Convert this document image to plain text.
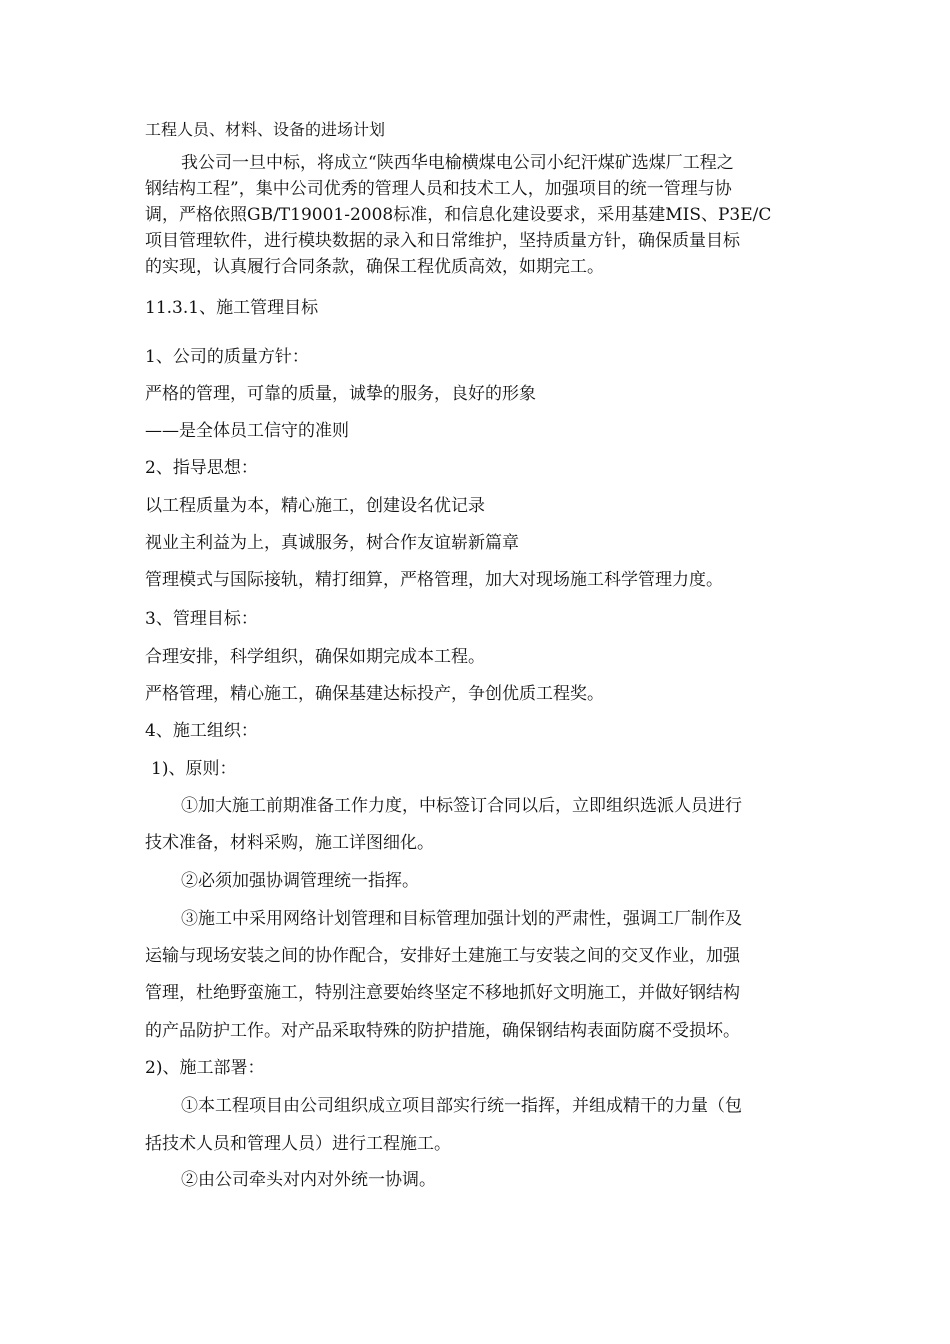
工程人员、材料、设备的进场计划
我公司一旦中标，将成立“陕西华电榆横煤电公司小纪汗煤矿选煤厂工程之
钢结构工程”，集中公司优秀的管理人员和技术工人，加强项目的统一管理与协
调，严格依照GB/T19001-2008标准，和信息化建设要求，采用基建MIS、P3E/C
项目管理软件，进行模块数据的录入和日常维护，坚持质量方针，确保质量目标
的实现，认真履行合同条款，确保工程优质高效，如期完工。
11.3.1、施工管理目标
1、公司的质量方针：
严格的管理，可靠的质量，诚挚的服务，良好的形象
——是全体员工信守的准则
2、指导思想：
以工程质量为本，精心施工，创建设名优记录
视业主利益为上，真诚服务，树合作友谊崭新篇章
管理模式与国际接轨，精打细算，严格管理，加大对现场施工科学管理力度。
3、管理目标：
合理安排，科学组织，确保如期完成本工程。
严格管理，精心施工，确保基建达标投产，争创优质工程奖。
4、施工组织：
1)、原则：
①加大施工前期准备工作力度，中标签订合同以后，立即组织选派人员进行
技术准备，材料采购，施工详图细化。
②必须加强协调管理统一指挥。
③施工中采用网络计划管理和目标管理加强计划的严肃性，强调工厂制作及
运输与现场安装之间的协作配合，安排好土建施工与安装之间的交叉作业，加强
管理，杜绝野蛮施工，特别注意要始终坚定不移地抓好文明施工，并做好钢结构
的产品防护工作。对产品采取特殊的防护措施，确保钢结构表面防腐不受损坏。
2)、施工部署：
①本工程项目由公司组织成立项目部实行统一指挥，并组成精干的力量（包
括技术人员和管理人员）进行工程施工。
②由公司牵头对内对外统一协调。
